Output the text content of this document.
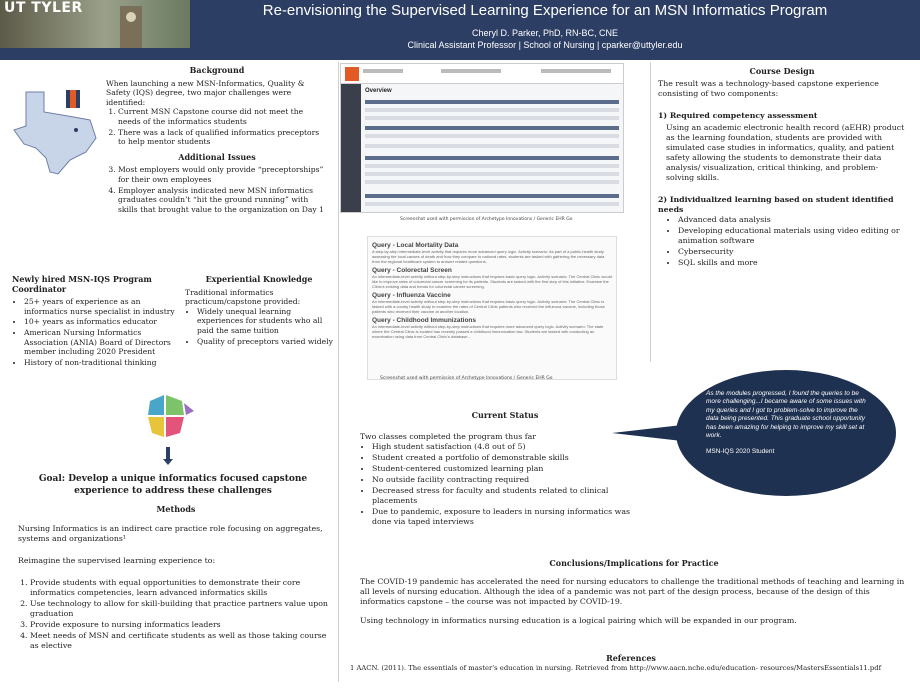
UT TYLER	Re-envisioning the Supervised Learning Experience for an MSN Informatics Program
Cheryl D. Parker, PhD, RN-BC, CNE
Clinical Assistant Professor | School of Nursing | cparker@uttyler.edu
Background

When launching a new MSN-Informatics, Quality & Safety (IQS) degree, two major challenges were identified:

1. Current MSN Capstone course did not meet the needs of the informatics students
2. There was a lack of qualified informatics preceptors to help mentor students
Additional Issues
3. Most employers would only provide “preceptorships” for their own employees
4. Employer analysis indicated new MSN informatics graduates couldn’t “hit the ground running” with skills that brought value to the organization on Day 1
Newly hired MSN-IQS Program Coordinator
• 25+ years of experience as an informatics nurse specialist in industry
• 10+ years as informatics educator
• American Nursing Informatics Association (ANIA) Board of Directors member including 2020 President
• History of non-traditional thinking
Experiential Knowledge

Traditional informatics practicum/capstone provided:

• Widely unequal learning experiences for students who all paid the same tuition
• Quality of preceptors varied widely
Goal: Develop a unique informatics focused capstone experience to address these challenges
Methods

Nursing Informatics is an indirect care practice role focusing on aggregates, systems and organizations¹

Reimagine the supervised learning experience to:

1. Provide students with equal opportunities to demonstrate their core informatics competencies, learn advanced informatics skills
2. Use technology to allow for skill-building that practice partners value upon graduation
3. Provide exposure to nursing informatics leaders
4. Meet needs of MSN and certificate students as well as those taking course as elective
Overview
Screenshot used with permission of Archetype Innovations / Generic EHR Go
Query - Local Mortality Data
A step-by-step intermediate-level activity that requires more advanced query logic. Activity scenario: As part of a public-health study assessing the local causes of death and how they compare to national rates, students are tasked with gathering the necessary data from the regional healthcare system to answer related questions.
Query - Colorectal Screen
An intermediate-level activity without step-by-step instructions that requires basic query logic. Activity scenario: The Central Clinic would like to improve rates of colorectal cancer screening for its patients. Students are tasked with the first step of this initiative: Examine the Clinic's existing data and trends for colorectal cancer screening.
Query - Influenza Vaccine
An intermediate-level activity without step-by-step instructions that requires basic query logic. Activity scenario: The Central Clinic is tasked with a county health study to examine the rates of Central Clinic patients who received the influenza vaccine, including those patients who received their vaccine at another location.
Query - Childhood Immunizations
An intermediate-level activity without step-by-step instructions that requires more advanced query logic. Activity scenario: The state where the Central Clinic is located has recently passed a childhood immunization law. Students are tasked with conducting an examination using data from Central Clinic's database...
Screenshot used with permission of Archetype Innovations / Generic EHR Go
Course Design

The result was a technology-based capstone experience consisting of two components:

1) Required competency assessment

Using an academic electronic health record (aEHR) product as the learning foundation, students are provided with simulated case studies in informatics, quality, and patient safety allowing the students to demonstrate their data analysis/ visualization, critical thinking, and problem-solving skills.

2) Individualized learning based on student identified needs

• Advanced data analysis
• Developing educational materials using video editing or animation software
• Cybersecurity
• SQL skills and more

As the modules progressed, I found the queries to be more challenging...I became aware of some issues with my queries and I got to problem-solve to improve the data being presented. This graduate school opportunity has been amazing for helping to improve my skill set at work.

MSN-IQS 2020 Student

Current Status

Two classes completed the program thus far

• High student satisfaction (4.8 out of 5)
• Student created a portfolio of demonstrable skills
• Student-centered customized learning plan
• No outside facility contracting required
• Decreased stress for faculty and students related to clinical placements
• Due to pandemic, exposure to leaders in nursing informatics was done via taped interviews
Conclusions/Implications for Practice

The COVID-19 pandemic has accelerated the need for nursing educators to challenge the traditional methods of teaching and learning in all levels of nursing education. Although the idea of a pandemic was not part of the design process, because of the design of this informatics capstone – the course was not impacted by COVID-19.

Using technology in informatics nursing education is a logical pairing which will be expanded in our program.

References

1 AACN. (2011). The essentials of master's education in nursing. Retrieved from http://www.aacn.nche.edu/education- resources/MastersEssentials11.pdf
